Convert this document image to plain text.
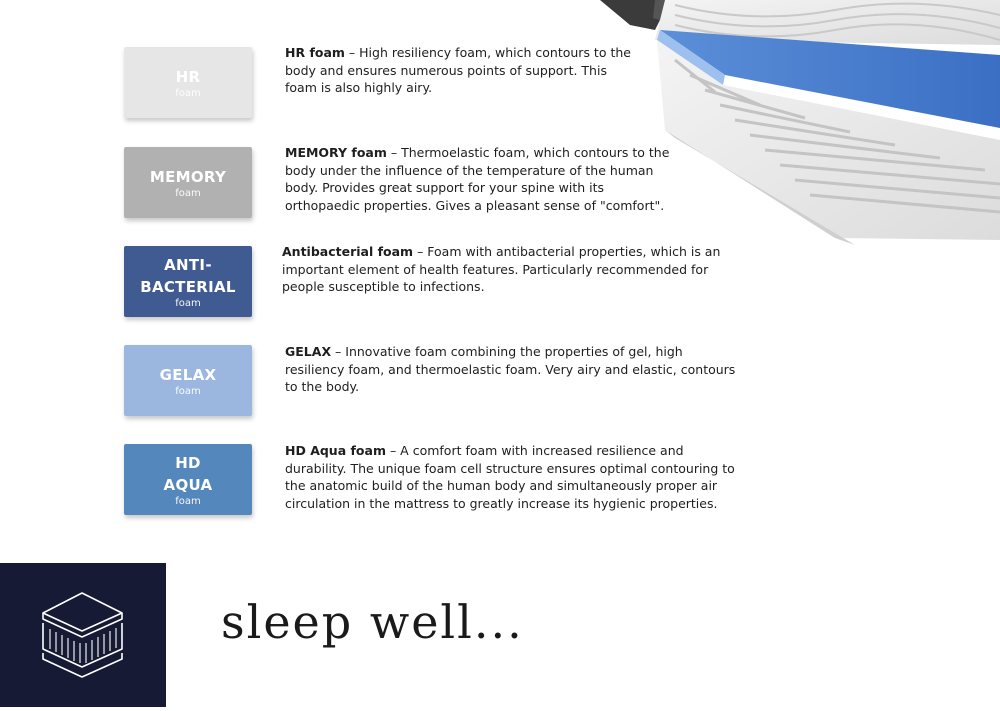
HR
foam
HR foam – High resiliency foam, which contours to the body and ensures numerous points of support. This foam is also highly airy.
MEMORY
foam
MEMORY foam – Thermoelastic foam, which contours to the body under the influence of the temperature of the human body. Provides great support for your spine with its orthopaedic properties. Gives a pleasant sense of "comfort".
ANTI-
BACTERIAL
foam
Antibacterial foam – Foam with antibacterial properties, which is an important element of health features. Particularly recommended for people susceptible to infections.
GELAX
foam
GELAX – Innovative foam combining the properties of gel, high resiliency foam, and thermoelastic foam. Very airy and elastic, contours to the body.
HD
AQUA
foam
HD Aqua foam – A comfort foam with increased resilience and durability. The unique foam cell structure ensures optimal contouring to the anatomic build of the human body and simultaneously proper air circulation in the mattress to greatly increase its hygienic properties.
sleep well...
